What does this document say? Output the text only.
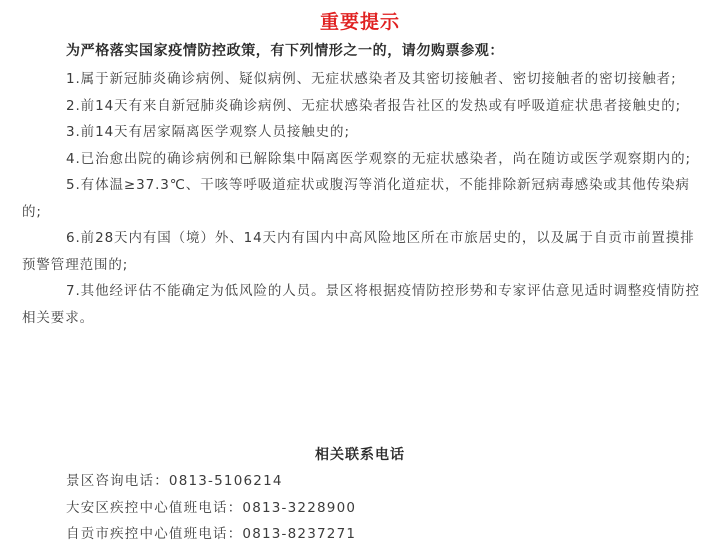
重要提示
为严格落实国家疫情防控政策，有下列情形之一的，请勿购票参观：
1.属于新冠肺炎确诊病例、疑似病例、无症状感染者及其密切接触者、密切接触者的密切接触者;
2.前14天有来自新冠肺炎确诊病例、无症状感染者报告社区的发热或有呼吸道症状患者接触史的;
3.前14天有居家隔离医学观察人员接触史的;
4.已治愈出院的确诊病例和已解除集中隔离医学观察的无症状感染者，尚在随访或医学观察期内的;
5.有体温≥37.3℃、干咳等呼吸道症状或腹泻等消化道症状，不能排除新冠病毒感染或其他传染病的;
6.前28天内有国（境）外、14天内有国内中高风险地区所在市旅居史的，以及属于自贡市前置摸排预警管理范围的;
7.其他经评估不能确定为低风险的人员。景区将根据疫情防控形势和专家评估意见适时调整疫情防控相关要求。
相关联系电话
景区咨询电话：0813-5106214
大安区疾控中心值班电话：0813-3228900
自贡市疾控中心值班电话：0813-8237271
